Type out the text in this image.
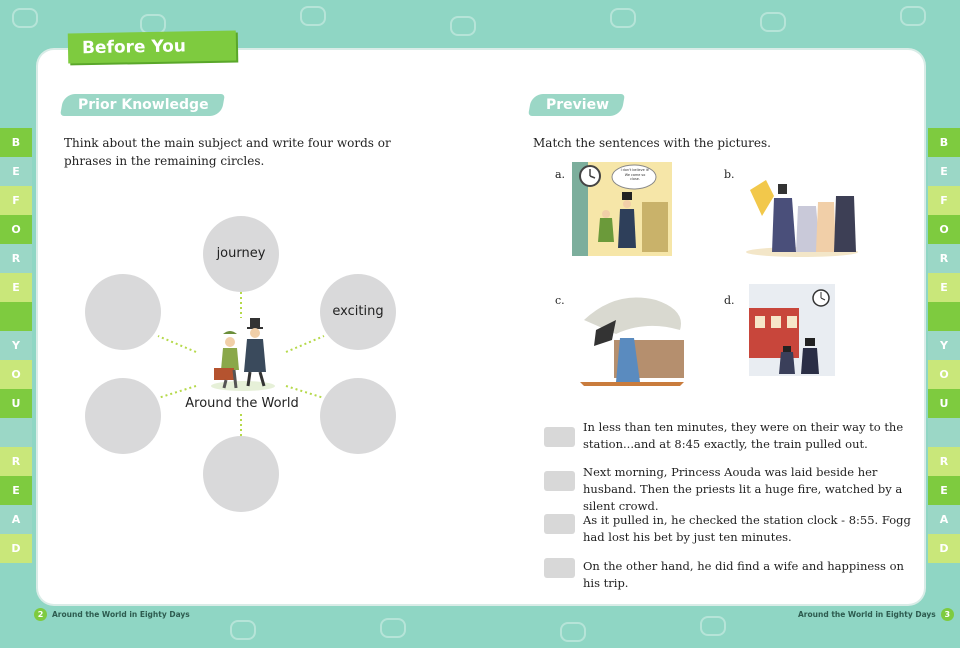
B
E
F
O
R
E
Y
O
U
R
E
A
D
B
E
F
O
R
E
Y
O
U
R
E
A
D
Before You Read
Prior Knowledge
Think about the main subject and write four words or phrases in the remaining circles.
journey
exciting
Around the World
Preview
Match the sentences with the pictures.
a.	b.
c.	d.
I don't believe it! We came so close.
In less than ten minutes, they were on their way to the station...and at 8:45 exactly, the train pulled out.
Next morning, Princess Aouda was laid beside her husband. Then the priests lit a huge fire, watched by a silent crowd.
As it pulled in, he checked the station clock - 8:55. Fogg had lost his bet by just ten minutes.
On the other hand, he did find a wife and happiness on his trip.
2	Around the World in Eighty Days	Around the World in Eighty Days	3
